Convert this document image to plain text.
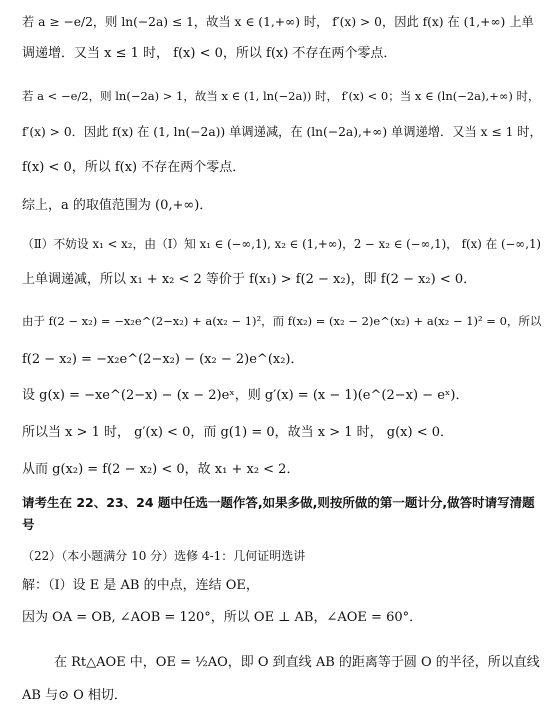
若 a ≥ −e/2，则 ln(−2a) ≤ 1，故当 x ∈ (1,+∞) 时， f′(x) > 0，因此 f(x) 在 (1,+∞) 上单
调递增．又当 x ≤ 1 时， f(x) < 0，所以 f(x) 不存在两个零点．
若 a < −e/2，则 ln(−2a) > 1，故当 x ∈ (1, ln(−2a)) 时， f′(x) < 0；当 x ∈ (ln(−2a),+∞) 时，
f′(x) > 0．因此 f(x) 在 (1, ln(−2a)) 单调递减，在 (ln(−2a),+∞) 单调递增．又当 x ≤ 1 时，
f(x) < 0，所以 f(x) 不存在两个零点．
综上，a 的取值范围为 (0,+∞)．
（Ⅱ）不妨设 x₁ < x₂，由（Ⅰ）知 x₁ ∈ (−∞,1), x₂ ∈ (1,+∞)，2 − x₂ ∈ (−∞,1)， f(x) 在 (−∞,1)
上单调递减，所以 x₁ + x₂ < 2 等价于 f(x₁) > f(2 − x₂)，即 f(2 − x₂) < 0．
由于 f(2 − x₂) = −x₂e^(2−x₂) + a(x₂ − 1)²，而 f(x₂) = (x₂ − 2)e^(x₂) + a(x₂ − 1)² = 0，所以
f(2 − x₂) = −x₂e^(2−x₂) − (x₂ − 2)e^(x₂)．
设 g(x) = −xe^(2−x) − (x − 2)eˣ，则 g′(x) = (x − 1)(e^(2−x) − eˣ)．
所以当 x > 1 时， g′(x) < 0，而 g(1) = 0，故当 x > 1 时， g(x) < 0．
从而 g(x₂) = f(2 − x₂) < 0，故 x₁ + x₂ < 2．
请考生在 22、23、24 题中任选一题作答,如果多做,则按所做的第一题计分,做答时请写清题
号
（22）（本小题满分 10 分）选修 4-1：几何证明选讲
解：（Ⅰ）设 E 是 AB 的中点，连结 OE，
因为 OA = OB, ∠AOB = 120°，所以 OE ⊥ AB，∠AOE = 60°．
在 Rt△AOE 中，OE = ½AO，即 O 到直线 AB 的距离等于圆 O 的半径，所以直线
AB 与⊙ O 相切．
